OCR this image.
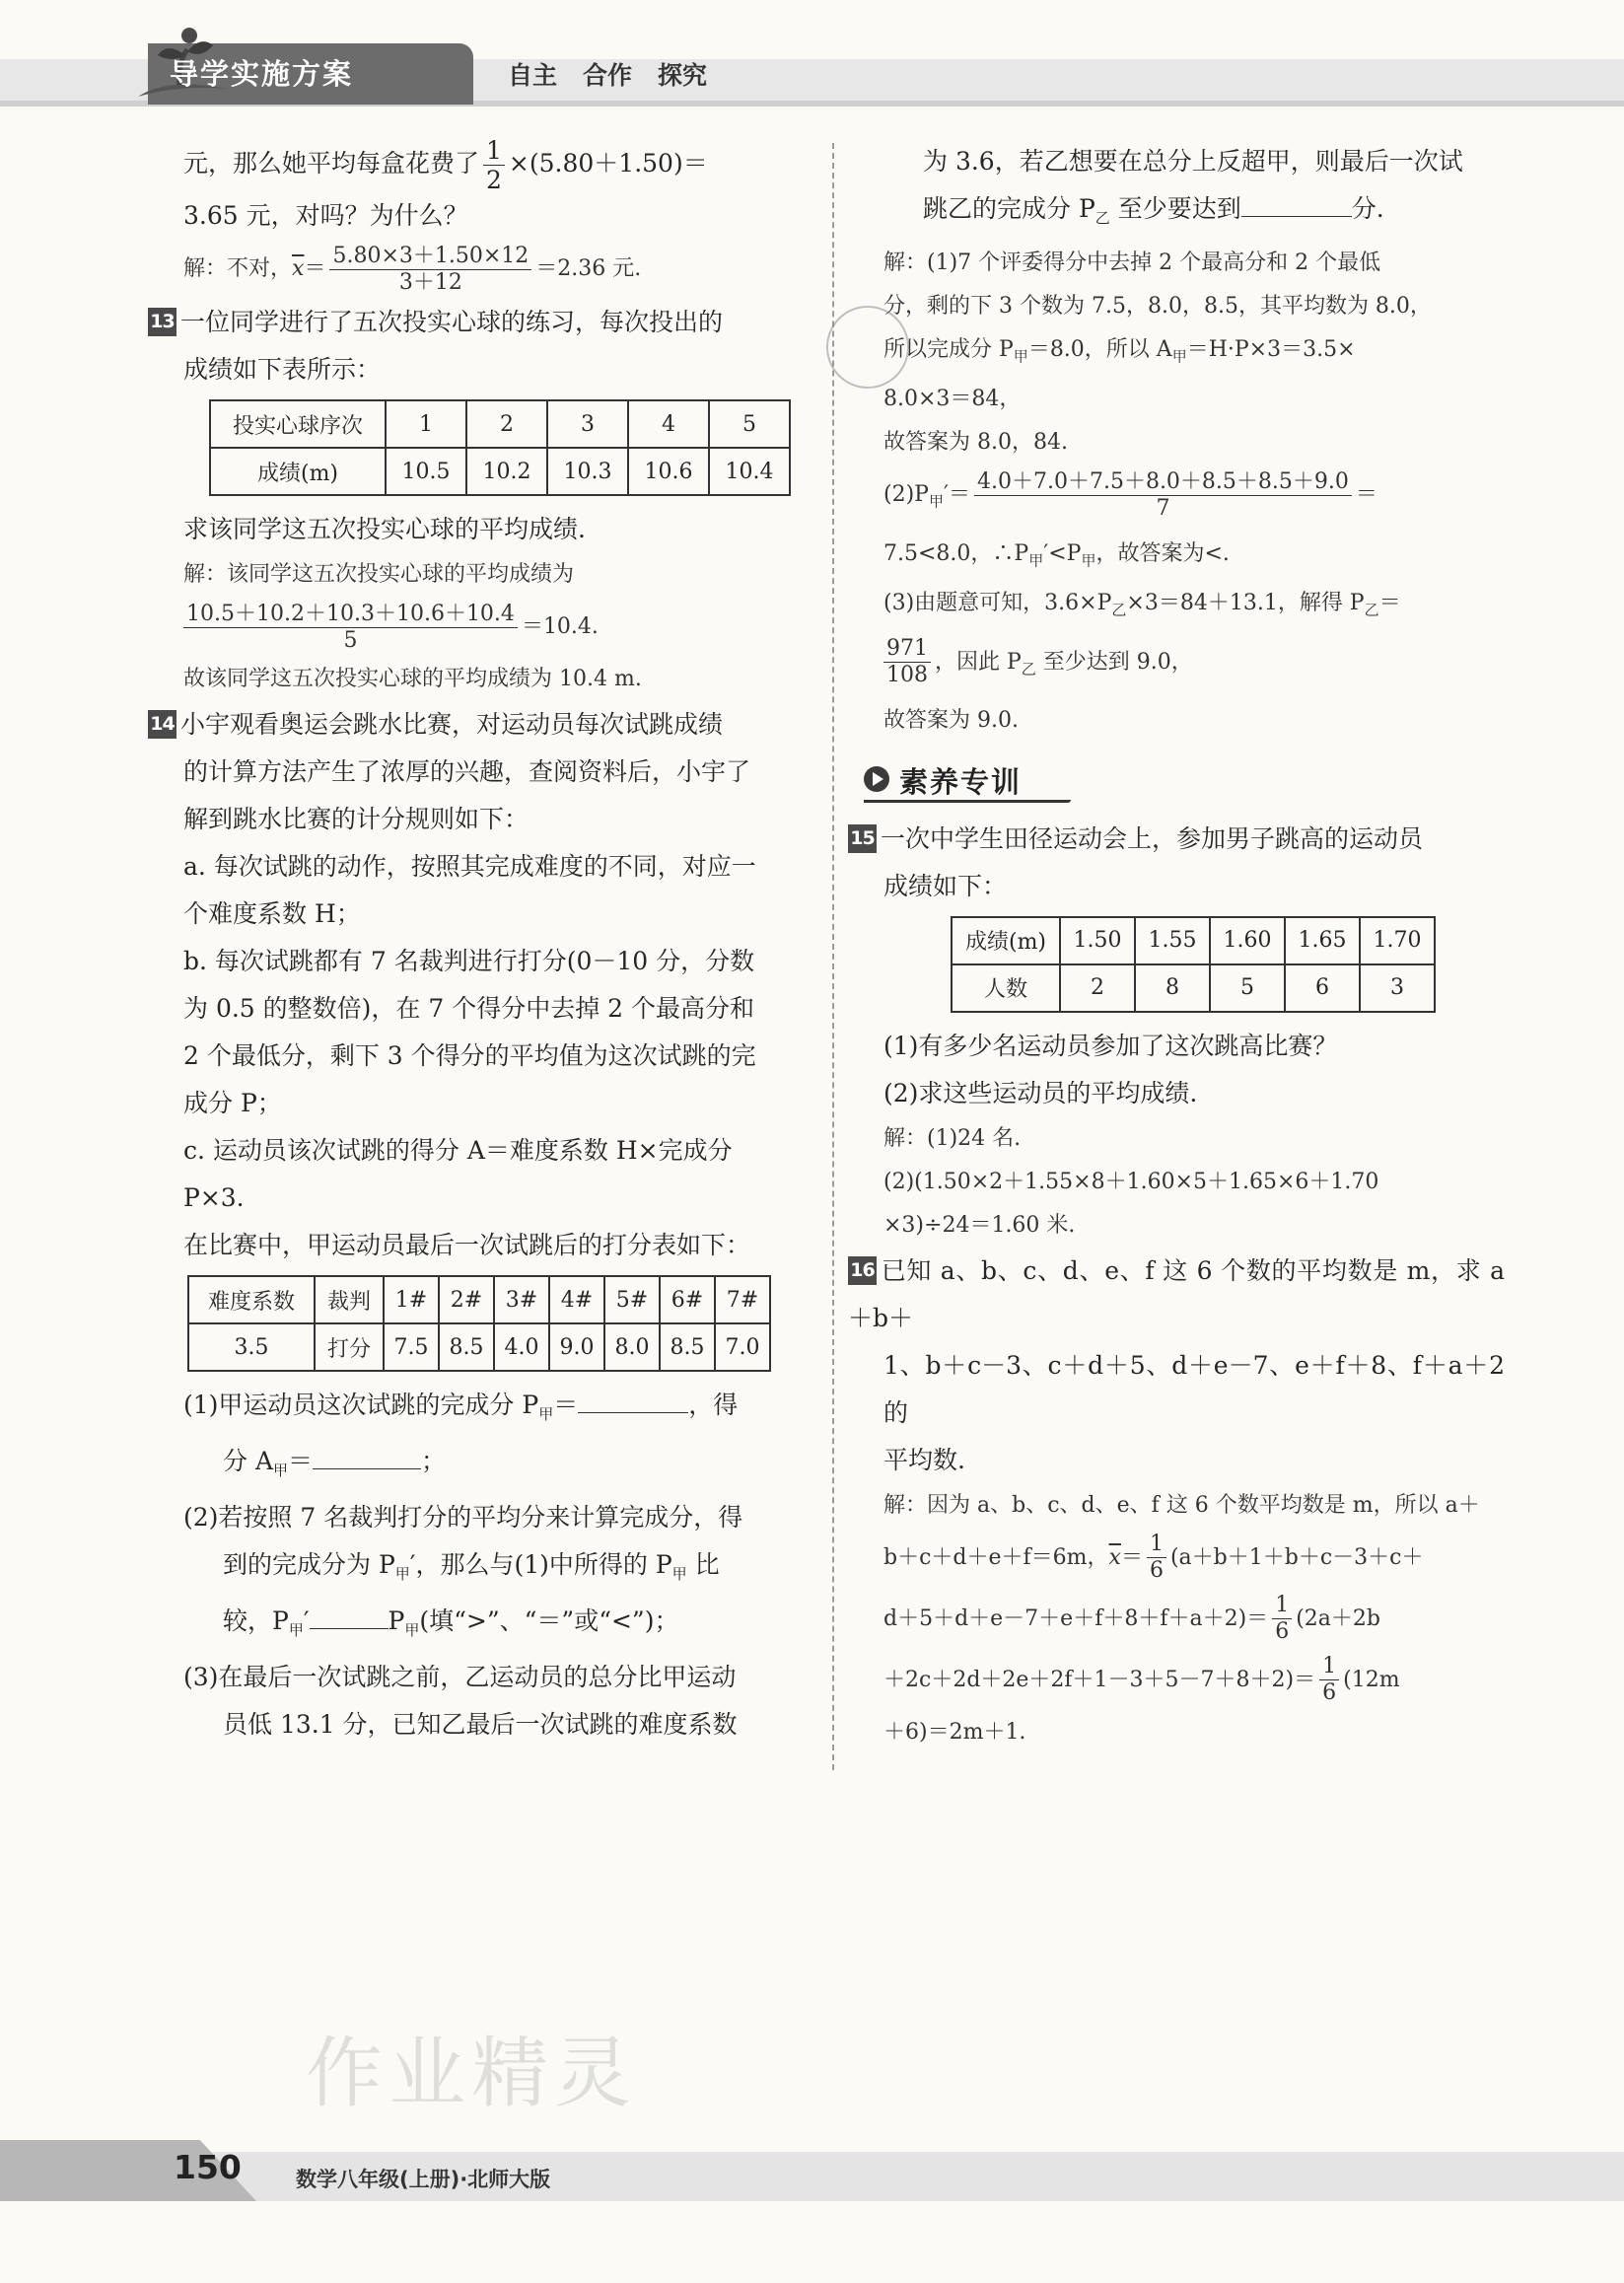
导学实施方案	自主 合作 探究

元，那么她平均每盒花费了 $\frac{1}{2} \times(5.80+1.50)=$

3.65 元，对吗？为什么？

解：不对，$\overline{x}= \frac{5.80\times 3+1.50\times 12}{3+12} =2.36$ 元.

13 一位同学进行了五次投实心球的练习，每次投出的

成绩如下表所示：

投实心球序次	1	2	3	4	5
成绩(m)	10.5	10.2	10.3	10.6	10.4

求该同学这五次投实心球的平均成绩.

解：该同学这五次投实心球的平均成绩为

$\frac{10.5+10.2+10.3+10.6+10.4}{5} =10.4$.

故该同学这五次投实心球的平均成绩为 10.4 m.

14 小宇观看奥运会跳水比赛，对运动员每次试跳成绩

的计算方法产生了浓厚的兴趣，查阅资料后，小宇了

解到跳水比赛的计分规则如下：

a. 每次试跳的动作，按照其完成难度的不同，对应一

个难度系数 H；

b. 每次试跳都有 7 名裁判进行打分(0－10 分，分数

为 0.5 的整数倍)，在 7 个得分中去掉 2 个最高分和

2 个最低分，剩下 3 个得分的平均值为这次试跳的完

成分 P；

c. 运动员该次试跳的得分 A＝难度系数 H×完成分

P×3.

在比赛中，甲运动员最后一次试跳后的打分表如下：

难度系数	裁判	1#	2#	3#	4#	5#	6#	7#
3.5	打分	7.5	8.5	4.0	9.0	8.0	8.5	7.0

(1)甲运动员这次试跳的完成分 $P_甲=$	，得

分 $A_甲=$	；

(2)若按照 7 名裁判打分的平均分来计算完成分，得

到的完成分为 $P_甲'$，那么与(1)中所得的 $P_甲$ 比

较，$P_甲'$	$P_甲$(填“>”、“＝”或“<”)；

(3)在最后一次试跳之前，乙运动员的总分比甲运动

员低 13.1 分，已知乙最后一次试跳的难度系数

为 3.6，若乙想要在总分上反超甲，则最后一次试

跳乙的完成分 $P_乙$ 至少要达到	分.

解：(1)7 个评委得分中去掉 2 个最高分和 2 个最低

分，剩的下 3 个数为 7.5，8.0，8.5，其平均数为 8.0，

所以完成分 $P_甲=8.0$，所以 $A_甲=H\cdot P\times 3=3.5\times$

8.0×3＝84，

故答案为 8.0，84.

$(2)P_甲'= \frac{4.0+7.0+7.5+8.0+8.5+8.5+9.0}{7}$ ＝

7.5<8.0，$\therefore P_甲'<P_甲$，故答案为<.

(3)由题意可知，$3.6\times P_乙\times 3=84+13.1$，解得 $P_乙=$

$\frac{971}{108}$ ，因此 $P_乙$ 至少达到 9.0，

故答案为 9.0.

素养专训

15 一次中学生田径运动会上，参加男子跳高的运动员

成绩如下：

成绩(m)	1.50	1.55	1.60	1.65	1.70
人数	2	8	5	6	3

(1)有多少名运动员参加了这次跳高比赛？

(2)求这些运动员的平均成绩.

解：(1)24 名.

(2)(1.50×2＋1.55×8＋1.60×5＋1.65×6＋1.70

×3)÷24＝1.60 米.

16 已知 a、b、c、d、e、f 这 6 个数的平均数是 m，求 a＋b＋

1、b＋c－3、c＋d＋5、d＋e－7、e＋f＋8、f＋a＋2 的

平均数.

解：因为 a、b、c、d、e、f 这 6 个数平均数是 m，所以 a＋

b＋c＋d＋e＋f＝6m，$\overline{x}= \frac{1}{6} (a+b+1+b+c-3+c+$

$d+5+d+e-7+e+f+8+f+a+2)= \frac{1}{6} (2a+2b$

$+2c+2d+2e+2f+1-3+5-7+8+2)= \frac{1}{6} (12m$

＋6)＝2m＋1.

作业精灵
150	数学八年级(上册)·北师大版
